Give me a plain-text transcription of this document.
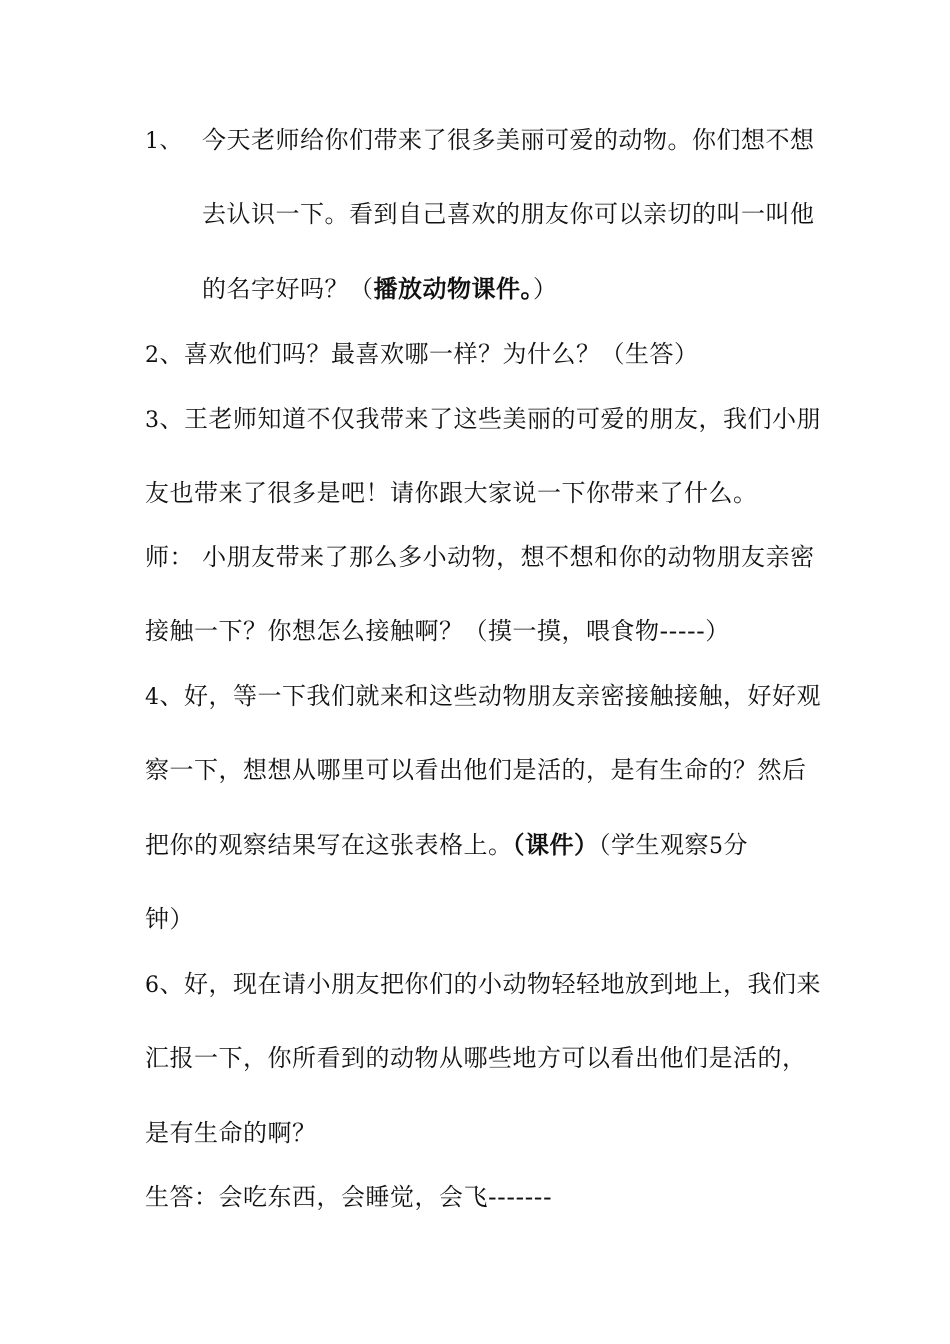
1、 今天老师给你们带来了很多美丽可爱的动物。你们想不想
去认识一下。看到自己喜欢的朋友你可以亲切的叫一叫他
的名字好吗？（播放动物课件。）
2、喜欢他们吗？最喜欢哪一样？为什么？（生答）
3、王老师知道不仅我带来了这些美丽的可爱的朋友，我们小朋
友也带来了很多是吧！请你跟大家说一下你带来了什么。
师： 小朋友带来了那么多小动物，想不想和你的动物朋友亲密
接触一下？你想怎么接触啊？（摸一摸，喂食物-----）
4、好，等一下我们就来和这些动物朋友亲密接触接触，好好观
察一下，想想从哪里可以看出他们是活的，是有生命的？然后
把你的观察结果写在这张表格上。（课件）（学生观察5分
钟）
6、好，现在请小朋友把你们的小动物轻轻地放到地上，我们来
汇报一下，你所看到的动物从哪些地方可以看出他们是活的，
是有生命的啊？
生答：会吃东西，会睡觉，会飞-------
